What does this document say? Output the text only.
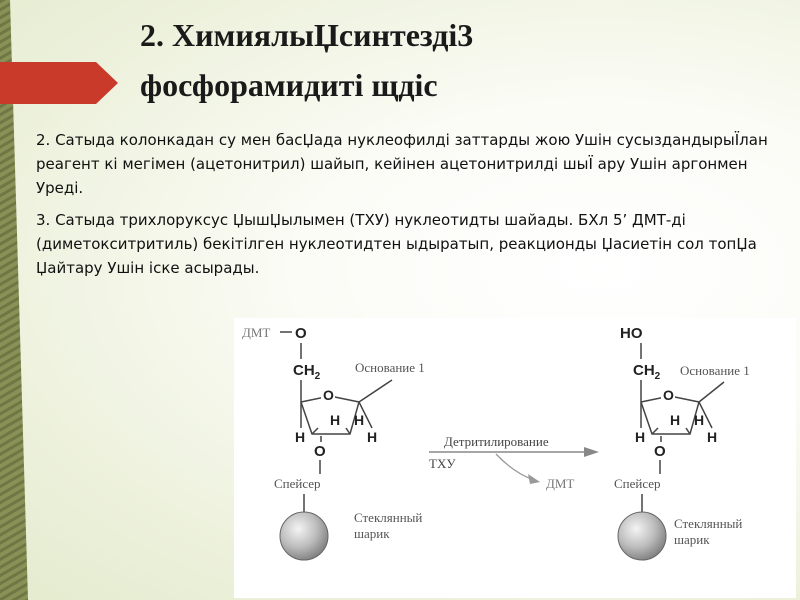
2. ХимиялыЏсинтезді3
фосфорамидиті щдіс

2. Сатыда колонкадан су мен басЏада нуклеофилді заттарды жою Ушін сусыздандырыЇлан реагент кі мегімен (ацетонитрил) шайып, кейінен ацетонитрилді шыЇ ару Ушін аргонмен Уреді.

3. Сатыда трихлоруксус ЏышЏылымен (ТХУ) нуклеотидты шайады. БХл 5’ ДМТ-ді (диметокситритиль) бекітілген нуклеотидтен ыдыратып, реакционды Џасиетін сол топЏа Џайтару Ушін іске асырады.

ДМТ O
$CH_2$
Основание 1
O
H
H H
H
O
Спейсер
Стеклянный
шарик
Детритилирование
ТХУ
ДМТ
HO
$CH_2$ Основание 1
O
H
H H
H
O
Спейсер
Стеклянный
шарик
